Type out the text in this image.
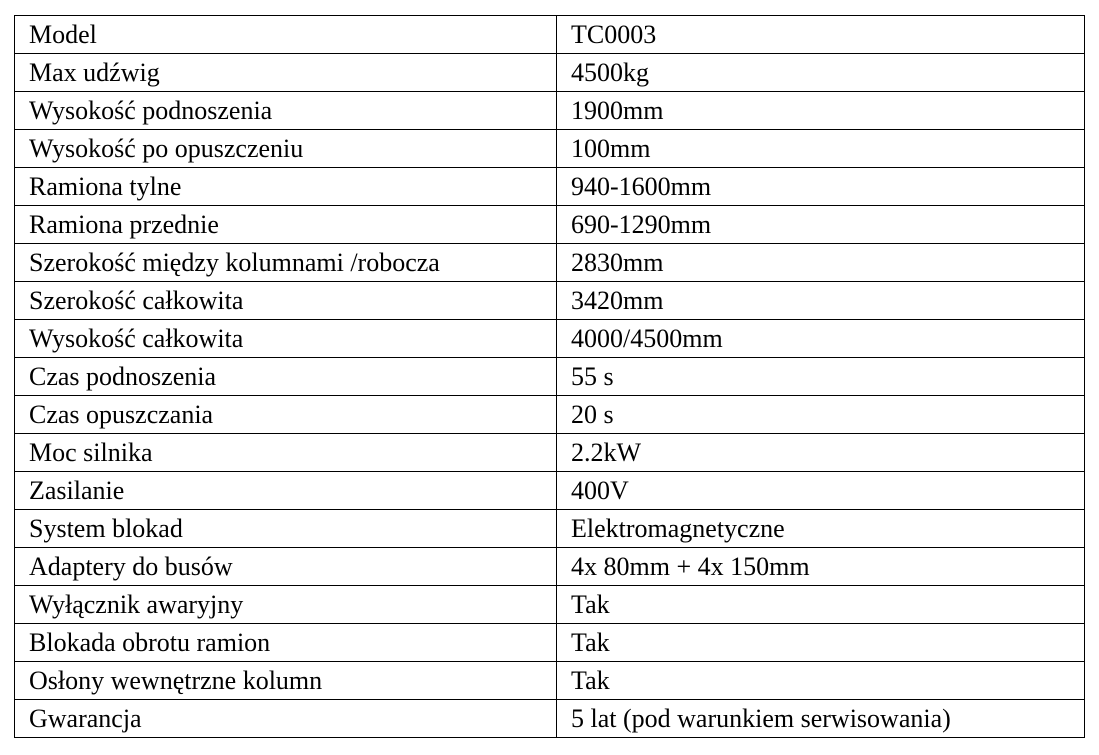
Model	TC0003
Max udźwig	4500kg
Wysokość podnoszenia	1900mm
Wysokość po opuszczeniu	100mm
Ramiona tylne	940-1600mm
Ramiona przednie	690-1290mm
Szerokość między kolumnami /robocza	2830mm
Szerokość całkowita	3420mm
Wysokość całkowita	4000/4500mm
Czas podnoszenia	55 s
Czas opuszczania	20 s
Moc silnika	2.2kW
Zasilanie	400V
System blokad	Elektromagnetyczne
Adaptery do busów	4x 80mm + 4x 150mm
Wyłącznik awaryjny	Tak
Blokada obrotu ramion	Tak
Osłony wewnętrzne kolumn	Tak
Gwarancja	5 lat (pod warunkiem serwisowania)
